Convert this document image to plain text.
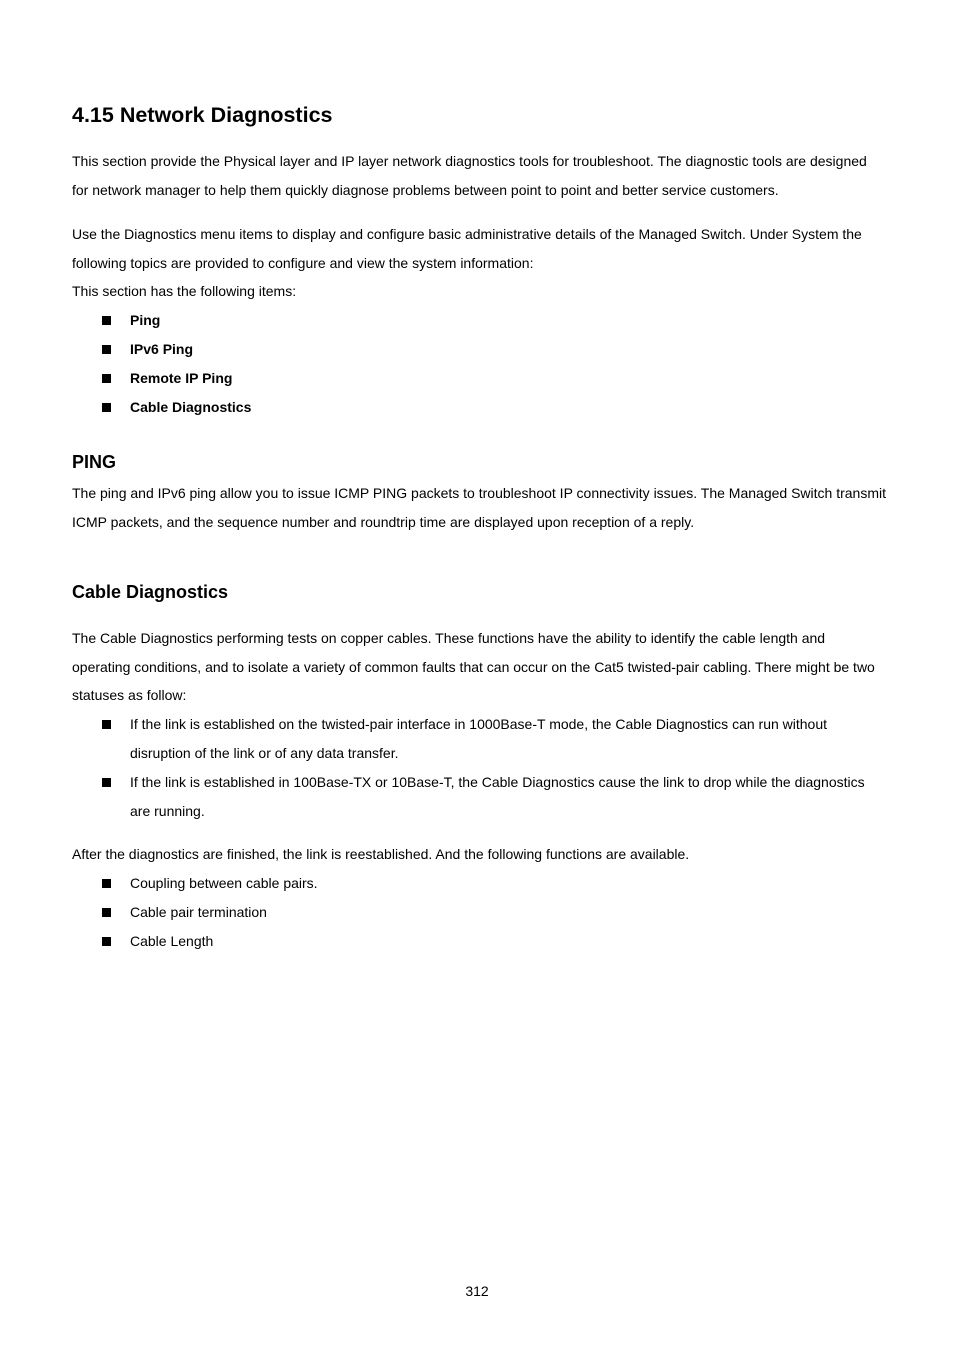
4.15 Network Diagnostics

This section provide the Physical layer and IP layer network diagnostics tools for troubleshoot. The diagnostic tools are designed for network manager to help them quickly diagnose problems between point to point and better service customers.

Use the Diagnostics menu items to display and configure basic administrative details of the Managed Switch. Under System the following topics are provided to configure and view the system information:

This section has the following items:

Ping
IPv6 Ping
Remote IP Ping
Cable Diagnostics
PING

The ping and IPv6 ping allow you to issue ICMP PING packets to troubleshoot IP connectivity issues. The Managed Switch transmit ICMP packets, and the sequence number and roundtrip time are displayed upon reception of a reply.

Cable Diagnostics

The Cable Diagnostics performing tests on copper cables. These functions have the ability to identify the cable length and operating conditions, and to isolate a variety of common faults that can occur on the Cat5 twisted-pair cabling. There might be two statuses as follow:

If the link is established on the twisted-pair interface in 1000Base-T mode, the Cable Diagnostics can run without disruption of the link or of any data transfer.
If the link is established in 100Base-TX or 10Base-T, the Cable Diagnostics cause the link to drop while the diagnostics are running.

After the diagnostics are finished, the link is reestablished. And the following functions are available.

Coupling between cable pairs.
Cable pair termination
Cable Length
312
